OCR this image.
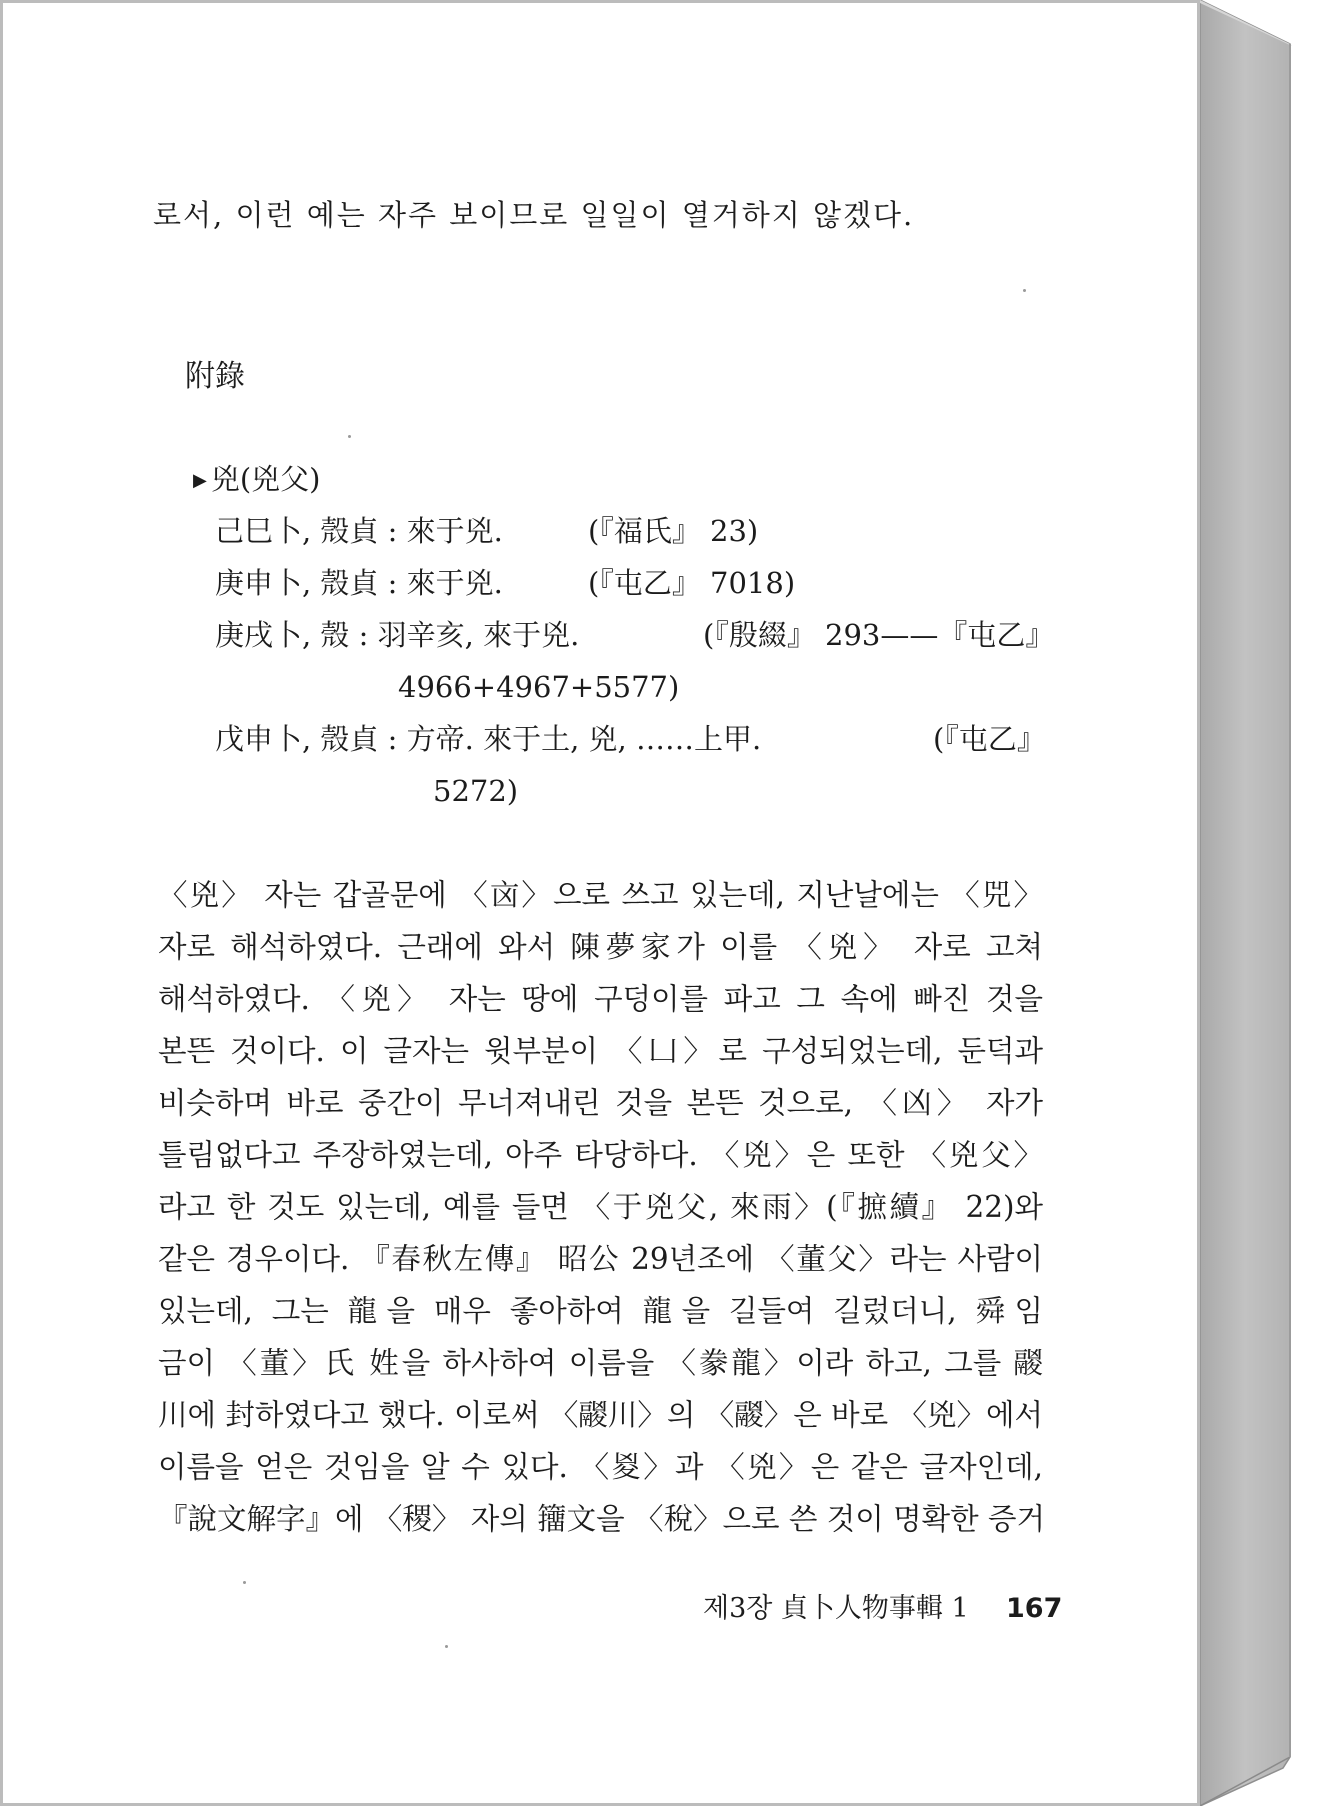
로서, 이런 예는 자주 보이므로 일일이 열거하지 않겠다.
附錄
▶ 兇(兇父)
己巳卜, 殼貞 : 來于兇.	(『福氏』 23)
庚申卜, 殼貞 : 來于兇.	(『屯乙』 7018)
庚戌卜, 殼 : 羽辛亥, 來于兇.	(『殷綴』 293——『屯乙』
4966+4967+5577)
戊申卜, 殼貞 : 方帝. 來于土, 兇, ……上甲.	(『屯乙』
5272)
〈兇〉 자는 갑골문에 〈㐫〉으로 쓰고 있는데, 지난날에는 〈兕〉
자로 해석하였다. 근래에 와서 陳夢家가 이를 〈兇〉 자로 고쳐
해석하였다. 〈兇〉 자는 땅에 구덩이를 파고 그 속에 빠진 것을
본뜬 것이다. 이 글자는 윗부분이 〈凵〉로 구성되었는데, 둔덕과
비슷하며 바로 중간이 무너져내린 것을 본뜬 것으로, 〈凶〉 자가
틀림없다고 주장하였는데, 아주 타당하다. 〈兇〉은 또한 〈兇父〉
라고 한 것도 있는데, 예를 들면 〈于兇父, 來雨〉(『摭續』 22)와
같은 경우이다. 『春秋左傳』 昭公 29년조에 〈董父〉라는 사람이
있는데, 그는 龍을 매우 좋아하여 龍을 길들여 길렀더니, 舜임
금이 〈董〉氏 姓을 하사하여 이름을 〈豢龍〉이라 하고, 그를 鬷
川에 封하였다고 했다. 이로써 〈鬷川〉의 〈鬷〉은 바로 〈兇〉에서
이름을 얻은 것임을 알 수 있다. 〈㚇〉과 〈兇〉은 같은 글자인데,
『說文解字』에 〈稷〉 자의 籒文을 〈稅〉으로 쓴 것이 명확한 증거
제3장 貞卜人物事輯 1 167
